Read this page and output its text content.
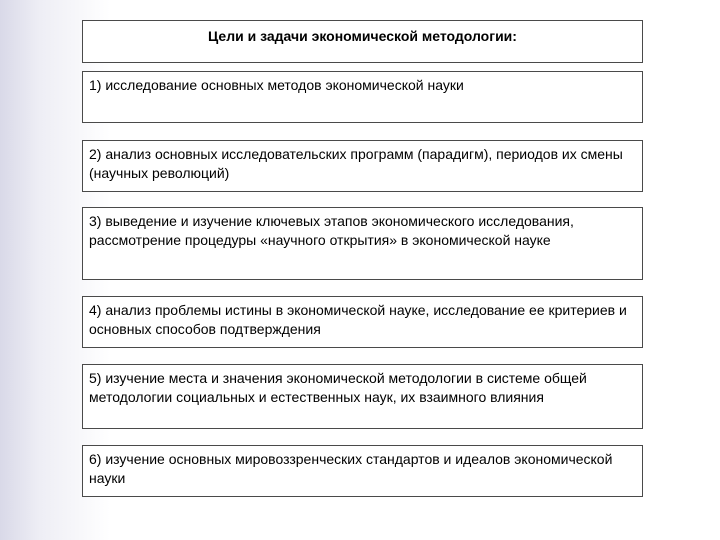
Цели и задачи экономической методологии:
1) исследование основных методов экономической науки
2) анализ основных исследовательских программ (парадигм), периодов их смены (научных революций)
3) выведение и изучение ключевых этапов экономического исследования, рассмотрение процедуры «научного открытия» в экономической науке
4) анализ проблемы истины в экономической науке, исследование ее критериев и основных способов подтверждения
5) изучение места и значения экономической методологии в системе общей методологии социальных и естественных наук, их взаимного влияния
6) изучение основных мировоззренческих стандартов и идеалов экономической науки
